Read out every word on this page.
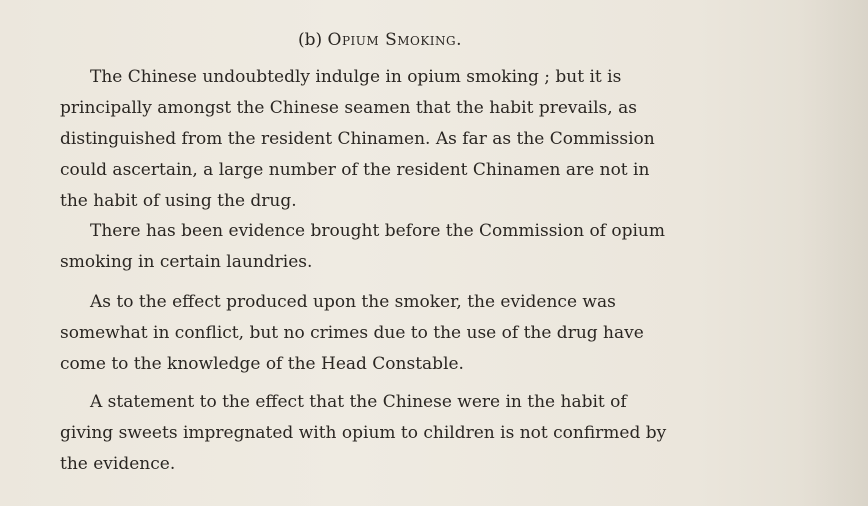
(b) Opium Smoking.
The Chinese undoubtedly indulge in opium smoking ; but it is
principally amongst the Chinese seamen that the habit prevails, as
distinguished from the resident Chinamen. As far as the Commission
could ascertain, a large number of the resident Chinamen are not in
the habit of using the drug.
There has been evidence brought before the Commission of opium
smoking in certain laundries.
As to the effect produced upon the smoker, the evidence was
somewhat in conflict, but no crimes due to the use of the drug have
come to the knowledge of the Head Constable.
A statement to the effect that the Chinese were in the habit of
giving sweets impregnated with opium to children is not confirmed by
the evidence.
